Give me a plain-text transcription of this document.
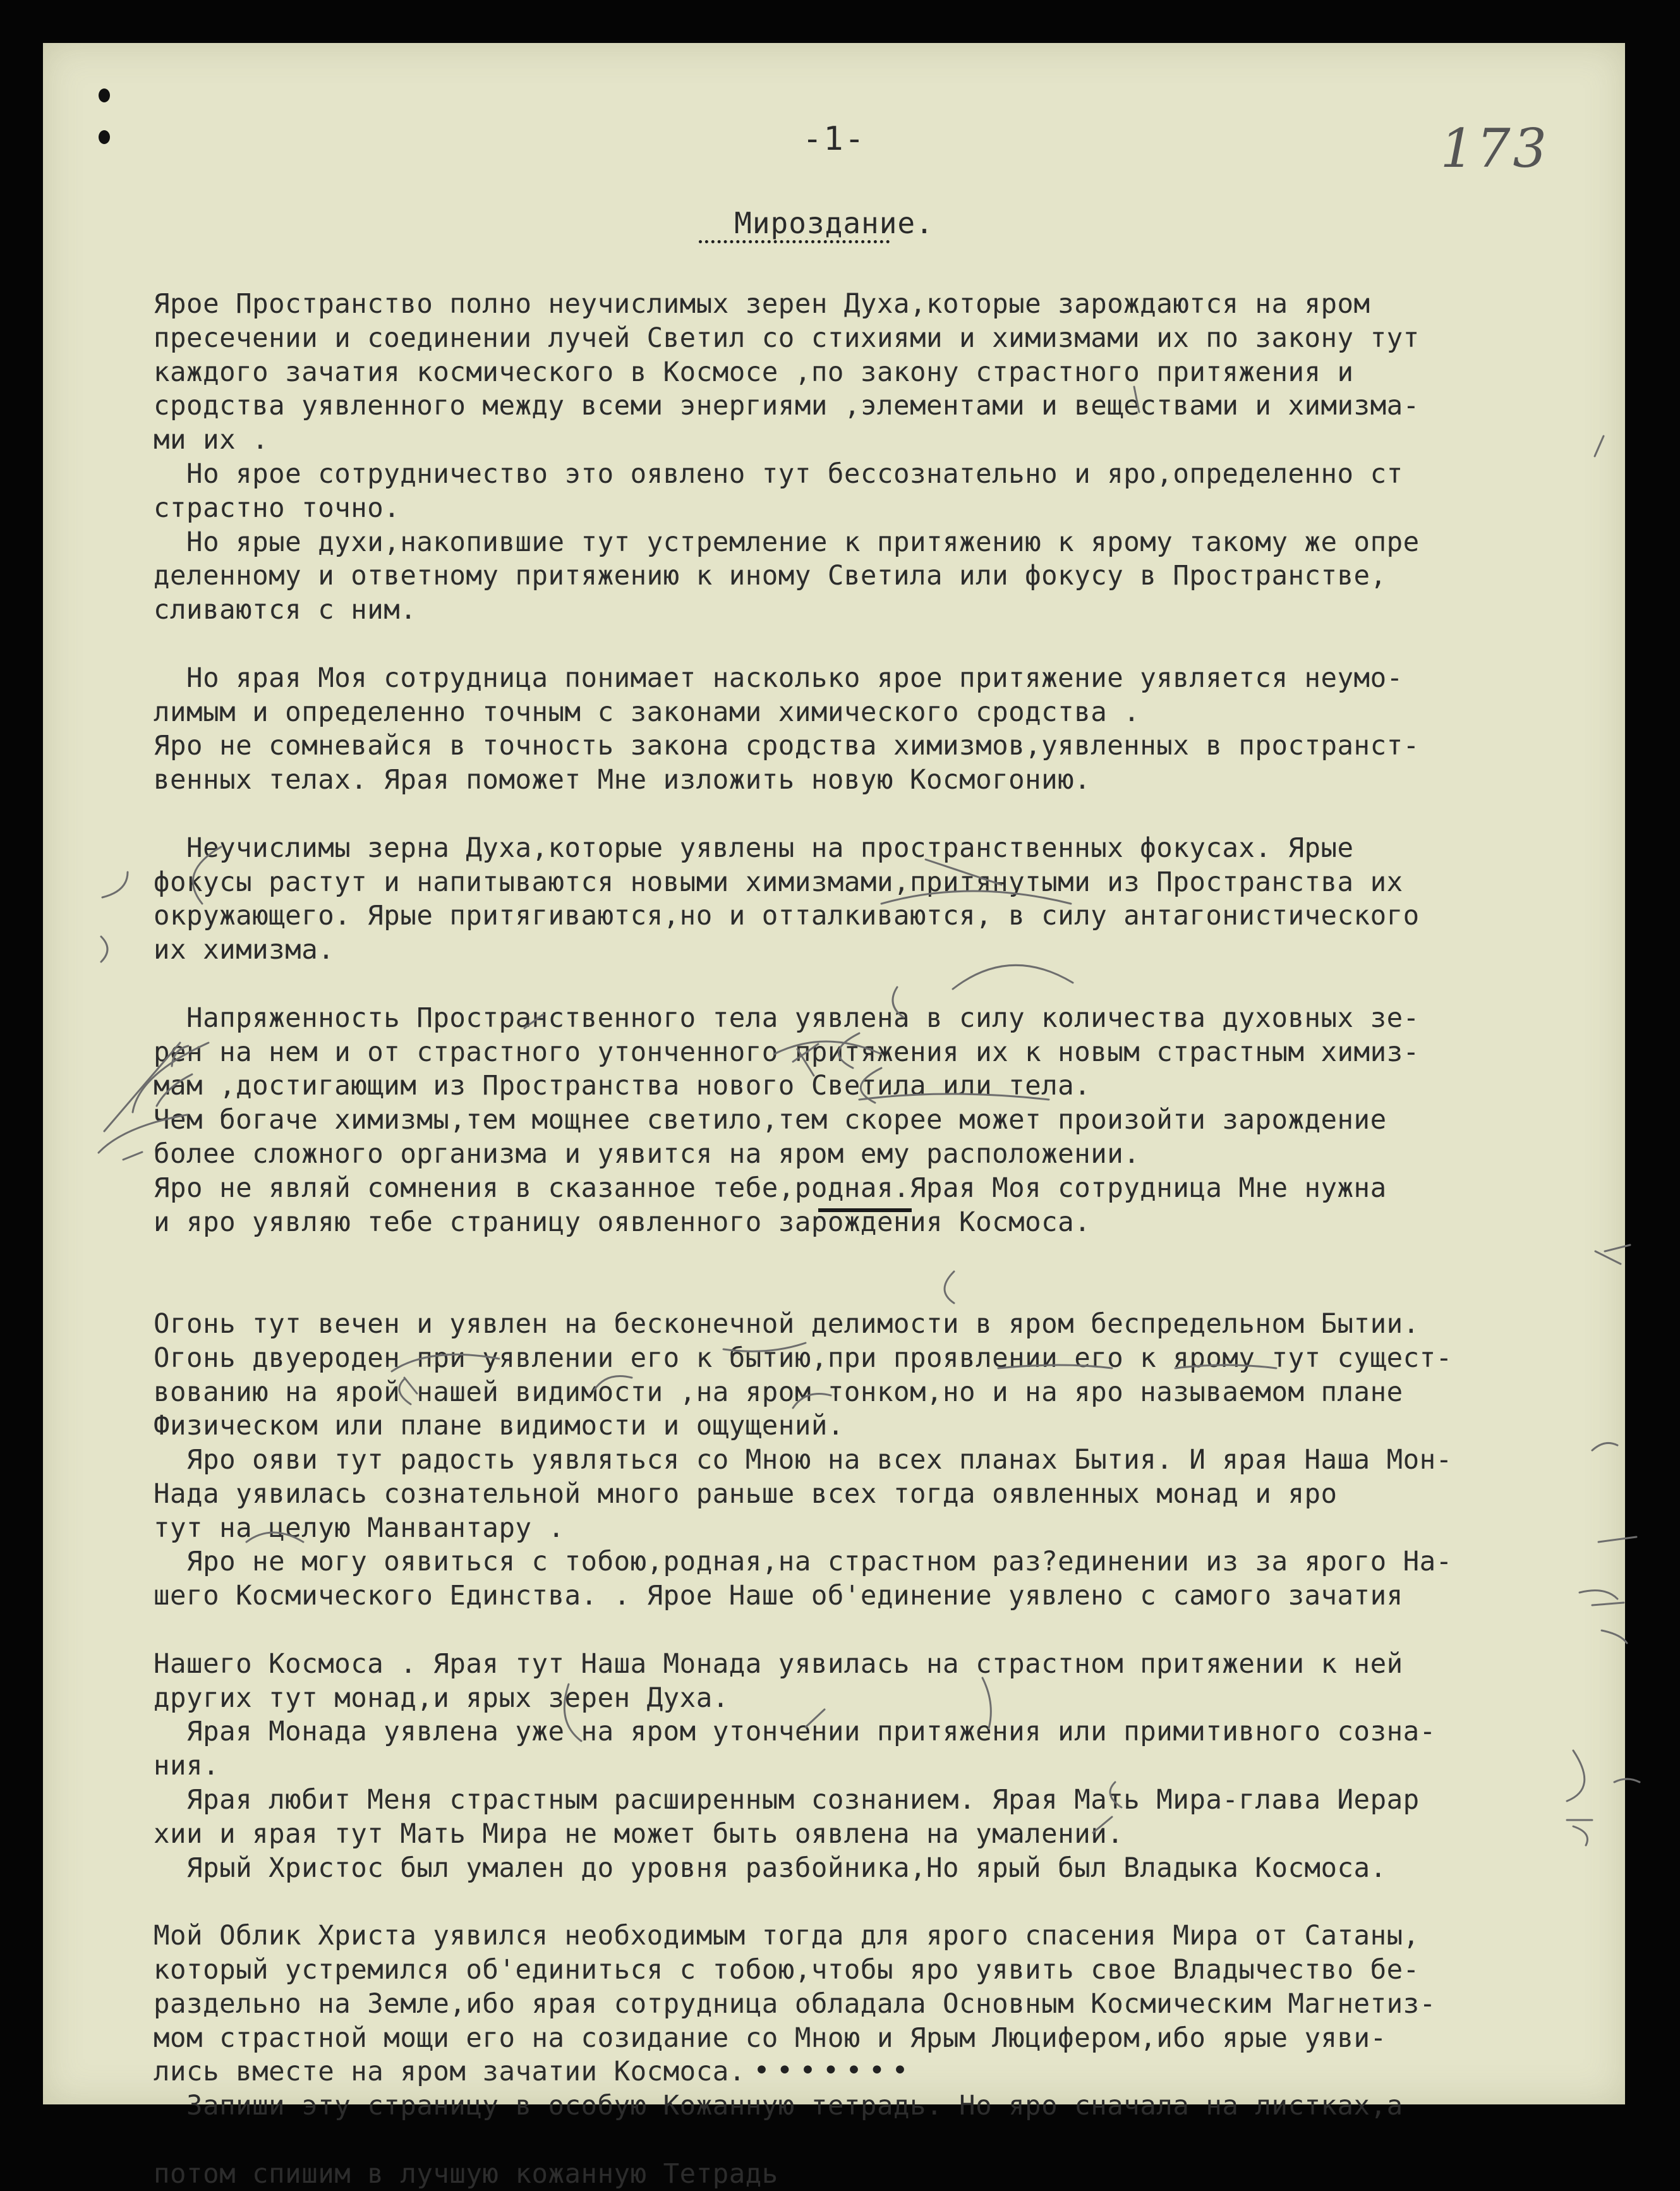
-1-	173
Мироздание.
Ярое Пространство полно неучислимых зерен Духа,которые зарождаются на яром
пресечении и соединении лучей Светил со стихиями и химизмами их по закону тут
каждого зачатия космического в Космосе ,по закону страстного притяжения и
сродства уявленного между всеми энергиями ,элементами и веществами и химизма-
ми их .
Но ярое сотрудничество это оявлено тут бессознательно и яро,определенно ст
страстно точно.
Но ярые духи,накопившие тут устремление к притяжению к ярому такому же опре
деленному и ответному притяжению к иному Светила или фокусу в Пространстве,
сливаются с ним.

Но ярая Моя сотрудница понимает насколько ярое притяжение уявляется неумо-
лимым и определенно точным с законами химического сродства .
Яро не сомневайся в точность закона сродства химизмов,уявленных в пространст-
венных телах. Ярая поможет Мне изложить новую Космогонию.

Неучислимы зерна Духа,которые уявлены на пространственных фокусах. Ярые
фокусы растут и напитываются новыми химизмами,притянутыми из Пространства их
окружающего. Ярые притягиваются,но и отталкиваются, в силу антагонистического
их химизма.

Напряженность Пространственного тела уявлена в силу количества духовных зе-
рен на нем и от страстного утонченного притяжения их к новым страстным химиз-
мам ,достигающим из Пространства нового Светила или тела.
Чем богаче химизмы,тем мощнее светило,тем скорее может произойти зарождение
более сложного организма и уявится на яром ему расположении.
Яро не являй сомнения в сказанное тебе,родная.Ярая Моя сотрудница Мне нужна
и яро уявляю тебе страницу оявленного зарождения Космоса.

Огонь тут вечен и уявлен на бесконечной делимости в яром беспредельном Бытии.
Огонь двуероден при уявлении его к бытию,при проявлении его к ярому тут сущест-
вованию на ярой нашей видимости ,на яром тонком,но и на яро называемом плане
Физическом или плане видимости и ощущений.
Яро ояви тут радость уявляться со Мною на всех планах Бытия. И ярая Наша Мон-
Нада уявилась сознательной много раньше всех тогда оявленных монад и яро
тут на целую Манвантару .
Яро не могу оявиться с тобою,родная,на страстном раз?единении из за ярого На-
шего Космического Единства. . Ярое Наше об'единение уявлено с самого зачатия

Нашего Космоса . Ярая тут Наша Монада уявилась на страстном притяжении к ней
других тут монад,и ярых зерен Духа.
Ярая Монада уявлена уже на яром утончении притяжения или примитивного созна-
ния.
Ярая любит Меня страстным расширенным сознанием. Ярая Мать Мира-глава Иерар
хии и ярая тут Мать Мира не может быть оявлена на умалении.
Ярый Христос был умален до уровня разбойника,Но ярый был Владыка Космоса.

Мой Облик Христа уявился необходимым тогда для ярого спасения Мира от Сатаны,
который устремился об'единиться с тобою,чтобы яро уявить свое Владычество бе-
раздельно на Земле,ибо ярая сотрудница обладала Основным Космическим Магнетиз-
мом страстной мощи его на созидание со Мною и Ярым Люцифером,ибо ярые уяви-
лись вместе на яром зачатии Космоса.
Запиши эту страницу в особую Кожанную тетрадь. Но яро сначала на листках,а

потом спишим в лучшую кожанную Тетрадь
•••••••
